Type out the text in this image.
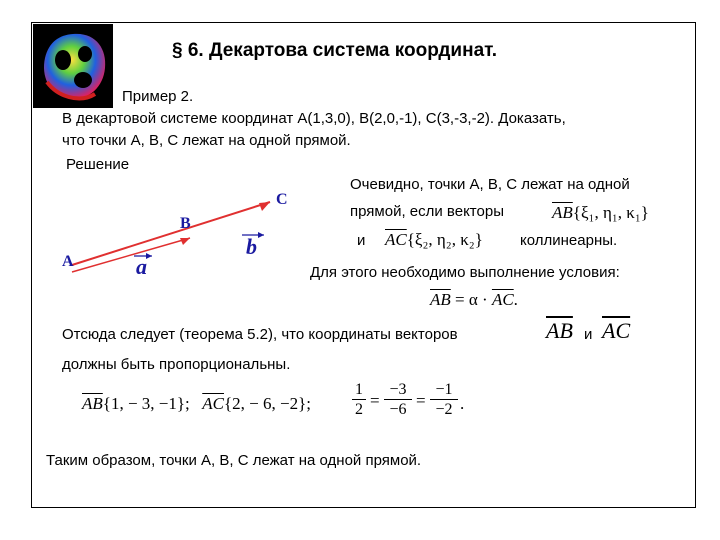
§ 6. Декартова система координат.
Пример 2.
В декартовой системе координат A(1,3,0), B(2,0,-1), C(3,-3,-2). Доказать,
что точки A, B, C лежат на одной прямой.
Решение
A
B
C
a
b
Очевидно, точки A, B, C лежат на одной
прямой, если векторы	$\overline{AB}\{\xi_1$, η₁, κ₁}
и $\overline{AC}\{\xi_2$, η₂, κ₂} коллинеарны.
Для этого необходимо выполнение условия:
$\overline{AB} = \alpha \cdot \overline{AC}$.
Отсюда следует (теорема 5.2), что координаты векторов	$\overline{AB}$ и $\overline{AC}$
должны быть пропорциональны.
$\overline{AB}\{1$, − 3, −1}; $\overline{AC}\{2$, − 6, −2};
1
2 =
−3
−6 =
−1
−2 .
Таким образом, точки A, B, C лежат на одной прямой.
